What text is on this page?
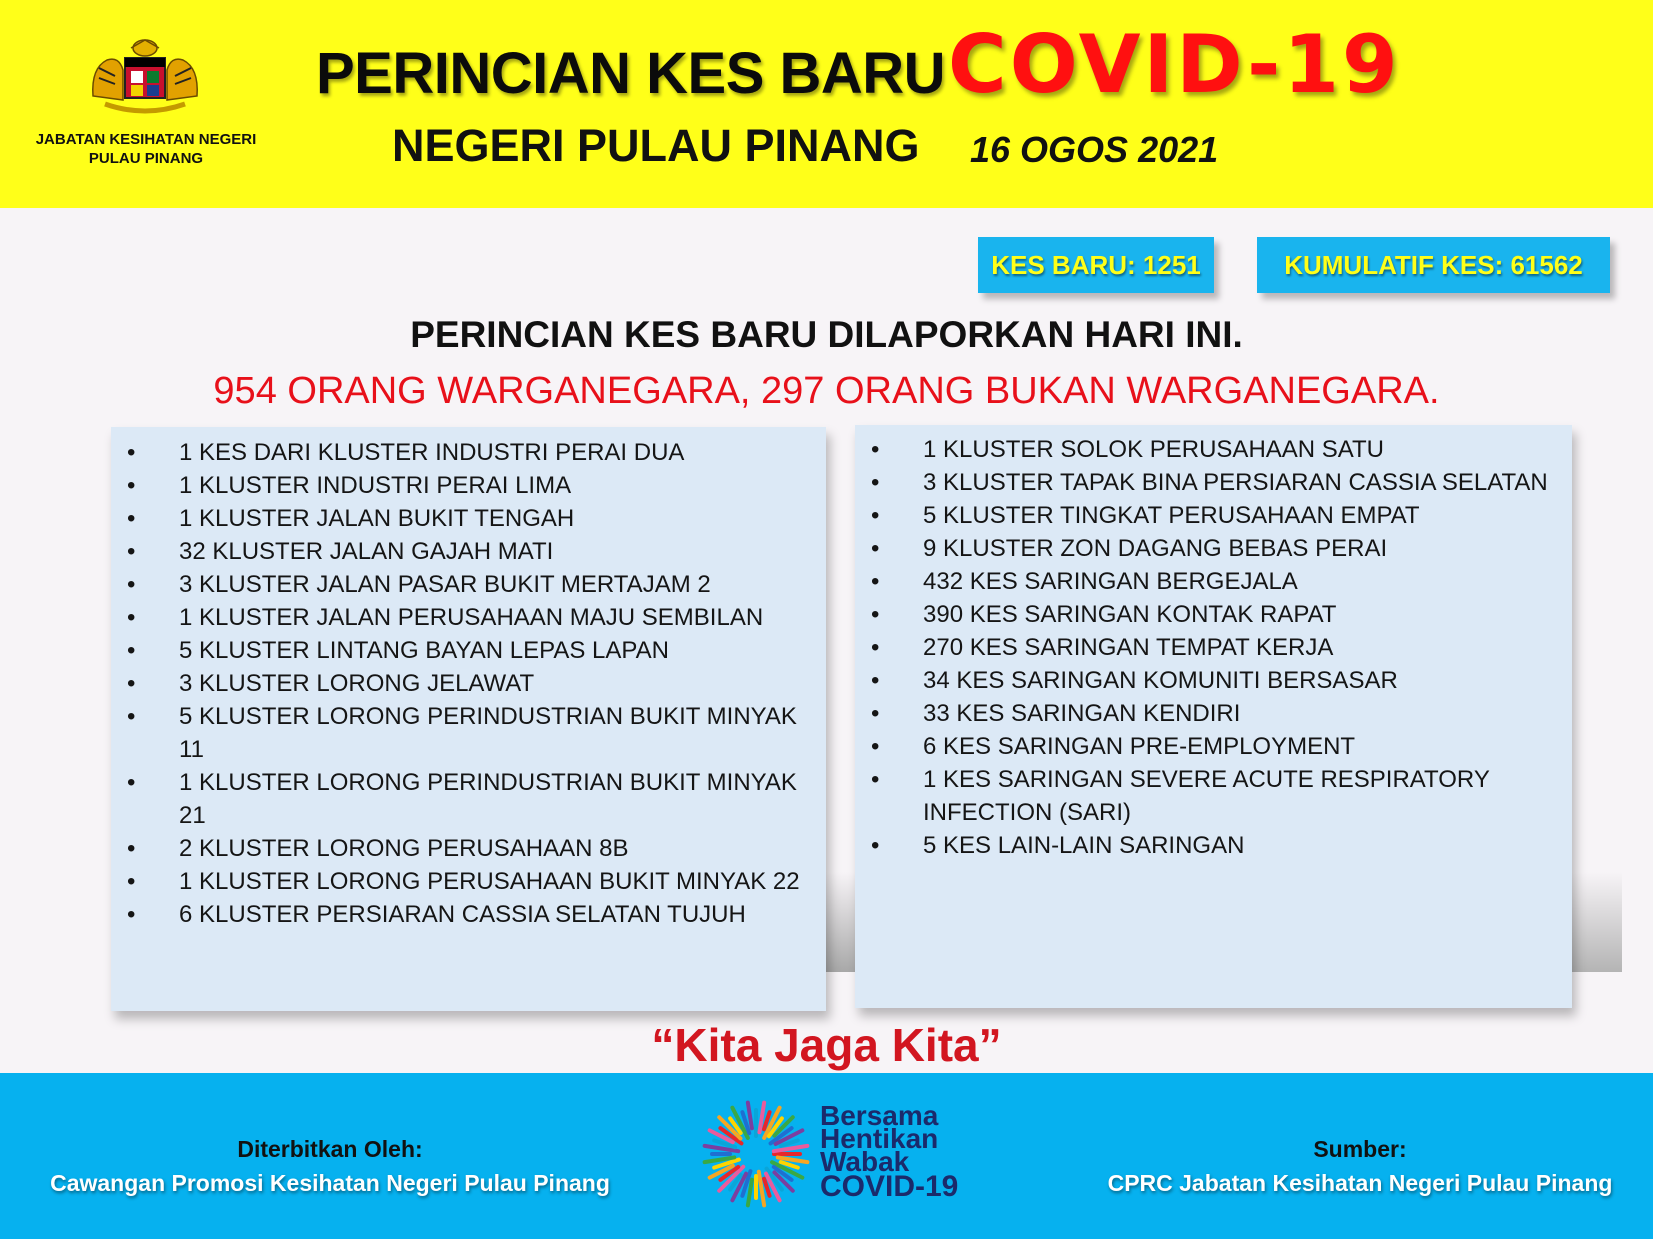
JABATAN KESIHATAN NEGERI
PULAU PINANG
PERINCIAN KES BARU COVID-19
NEGERI PULAU PINANG 16 OGOS 2021
KES BARU: 1251	KUMULATIF KES: 61562
PERINCIAN KES BARU DILAPORKAN HARI INI.
954 ORANG WARGANEGARA, 297 ORANG BUKAN WARGANEGARA.
• 1 KES DARI KLUSTER INDUSTRI PERAI DUA
• 1 KLUSTER INDUSTRI PERAI LIMA
• 1 KLUSTER JALAN BUKIT TENGAH
• 32 KLUSTER JALAN GAJAH MATI
• 3 KLUSTER JALAN PASAR BUKIT MERTAJAM 2
• 1 KLUSTER JALAN PERUSAHAAN MAJU SEMBILAN
• 5 KLUSTER LINTANG BAYAN LEPAS LAPAN
• 3 KLUSTER LORONG JELAWAT
• 5 KLUSTER LORONG PERINDUSTRIAN BUKIT MINYAK 11
• 1 KLUSTER LORONG PERINDUSTRIAN BUKIT MINYAK 21
• 2 KLUSTER LORONG PERUSAHAAN 8B
• 1 KLUSTER LORONG PERUSAHAAN BUKIT MINYAK 22
• 6 KLUSTER PERSIARAN CASSIA SELATAN TUJUH
• 1 KLUSTER SOLOK PERUSAHAAN SATU
• 3 KLUSTER TAPAK BINA PERSIARAN CASSIA SELATAN
• 5 KLUSTER TINGKAT PERUSAHAAN EMPAT
• 9 KLUSTER ZON DAGANG BEBAS PERAI
• 432 KES SARINGAN BERGEJALA
• 390 KES SARINGAN KONTAK RAPAT
• 270 KES SARINGAN TEMPAT KERJA
• 34 KES SARINGAN KOMUNITI BERSASAR
• 33 KES SARINGAN KENDIRI
• 6 KES SARINGAN PRE-EMPLOYMENT
• 1 KES SARINGAN SEVERE ACUTE RESPIRATORY INFECTION (SARI)
• 5 KES LAIN-LAIN SARINGAN
“Kita Jaga Kita”
Diterbitkan Oleh:
Cawangan Promosi Kesihatan Negeri Pulau Pinang
Bersama
Hentikan
Wabak
COVID-19
Sumber:
CPRC Jabatan Kesihatan Negeri Pulau Pinang
